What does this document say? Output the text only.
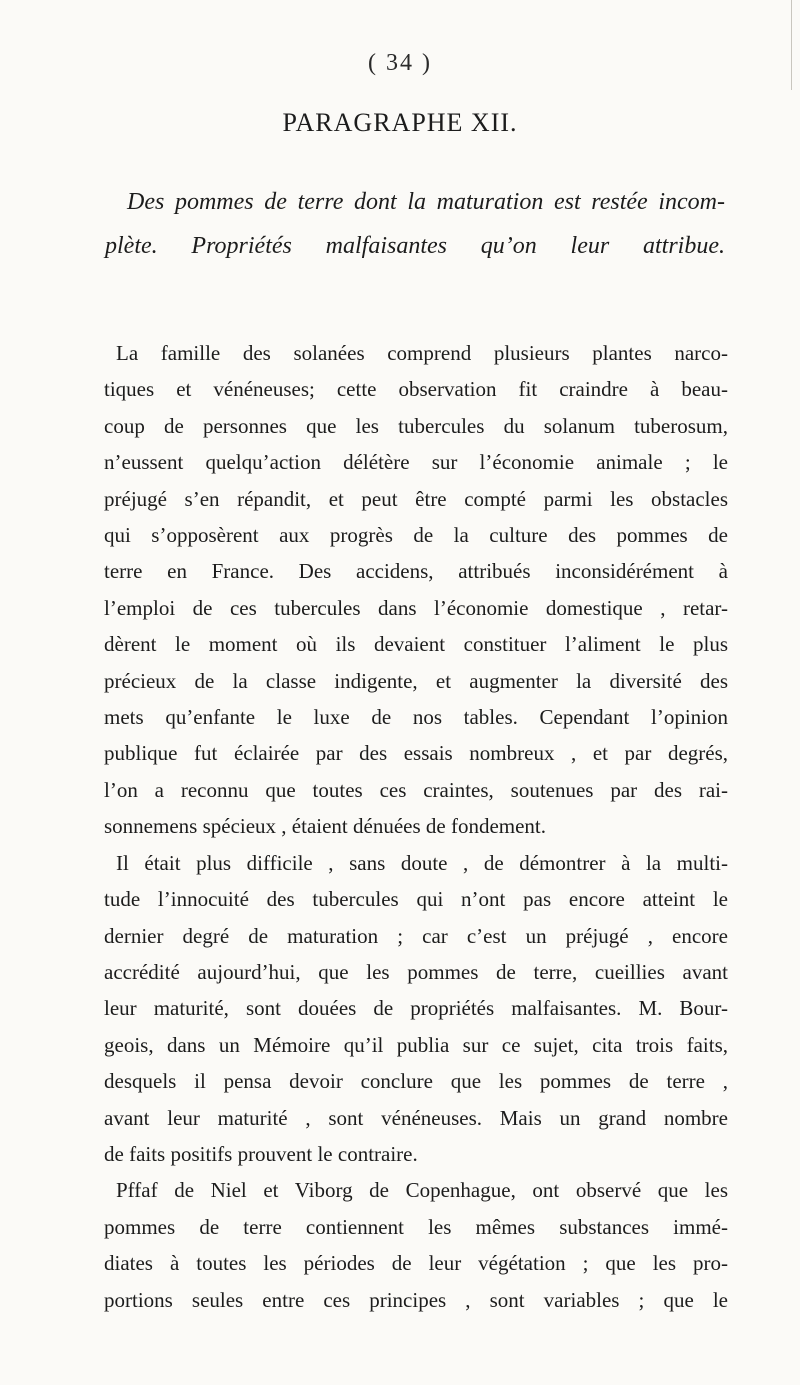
( 34 )
PARAGRAPHE XII.
Des pommes de terre dont la maturation est restée incom-
plète. Propriétés malfaisantes qu’on leur attribue.
La famille des solanées comprend plusieurs plantes narco-
tiques et vénéneuses; cette observation fit craindre à beau-
coup de personnes que les tubercules du solanum tuberosum,
n’eussent quelqu’action délétère sur l’économie animale ; le
préjugé s’en répandit, et peut être compté parmi les obstacles
qui s’opposèrent aux progrès de la culture des pommes de
terre en France. Des accidens, attribués inconsidérément à
l’emploi de ces tubercules dans l’économie domestique , retar-
dèrent le moment où ils devaient constituer l’aliment le plus
précieux de la classe indigente, et augmenter la diversité des
mets qu’enfante le luxe de nos tables. Cependant l’opinion
publique fut éclairée par des essais nombreux , et par degrés,
l’on a reconnu que toutes ces craintes, soutenues par des rai-
sonnemens spécieux , étaient dénuées de fondement.
Il était plus difficile , sans doute , de démontrer à la multi-
tude l’innocuité des tubercules qui n’ont pas encore atteint le
dernier degré de maturation ; car c’est un préjugé , encore
accrédité aujourd’hui, que les pommes de terre, cueillies avant
leur maturité, sont douées de propriétés malfaisantes. M. Bour-
geois, dans un Mémoire qu’il publia sur ce sujet, cita trois faits,
desquels il pensa devoir conclure que les pommes de terre ,
avant leur maturité , sont vénéneuses. Mais un grand nombre
de faits positifs prouvent le contraire.
Pffaf de Niel et Viborg de Copenhague, ont observé que les
pommes de terre contiennent les mêmes substances immé-
diates à toutes les périodes de leur végétation ; que les pro-
portions seules entre ces principes , sont variables ; que le
